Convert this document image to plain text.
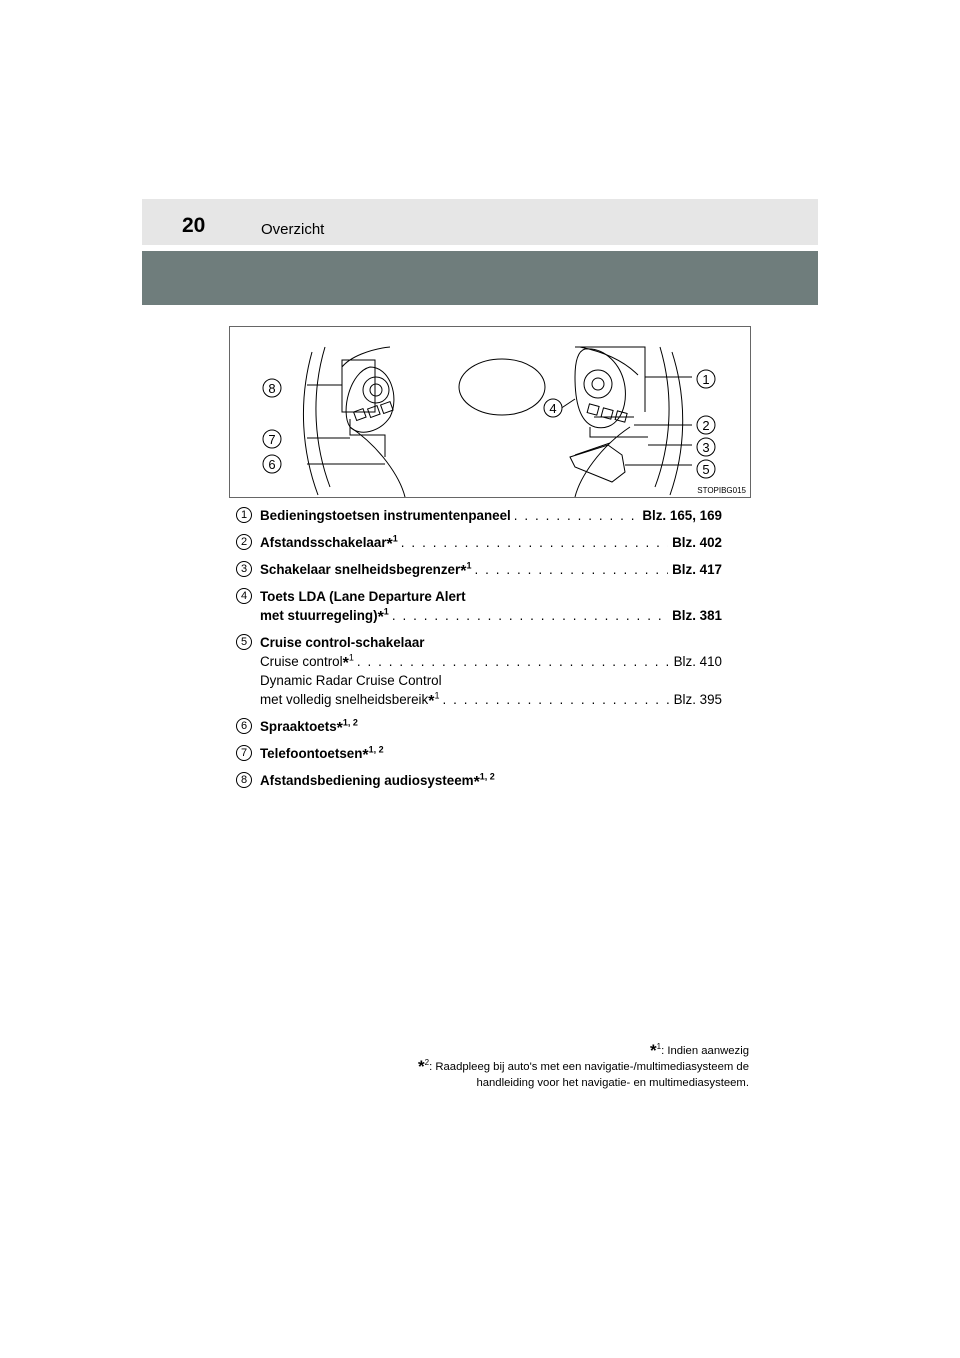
20	Overzicht
8
7
6
4
1
2
3
5
STOPIBG015
1 Bedieningstoetsen instrumentenpaneel . . .	Blz. 165, 169
2 Afstandsschakelaar*$^1$ . . .	Blz. 402
3 Schakelaar snelheidsbegrenzer*$^1$ . . .	Blz. 417
4 Toets LDA (Lane Departure Alert
met stuurregeling)*$^1$ . . .	Blz. 381
5 Cruise control-schakelaar
Cruise control*$^1$ . . .	Blz. 410
Dynamic Radar Cruise Control
met volledig snelheidsbereik*$^1$ . . .	Blz. 395
6 Spraaktoets*$^{1, 2}$
7 Telefoontoetsen*$^{1, 2}$
8 Afstandsbediening audiosysteem*$^{1, 2}$
*$^1$: Indien aanwezig
*$^2$: Raadpleeg bij auto's met een navigatie-/multimediasysteem de
handleiding voor het navigatie- en multimediasysteem.
